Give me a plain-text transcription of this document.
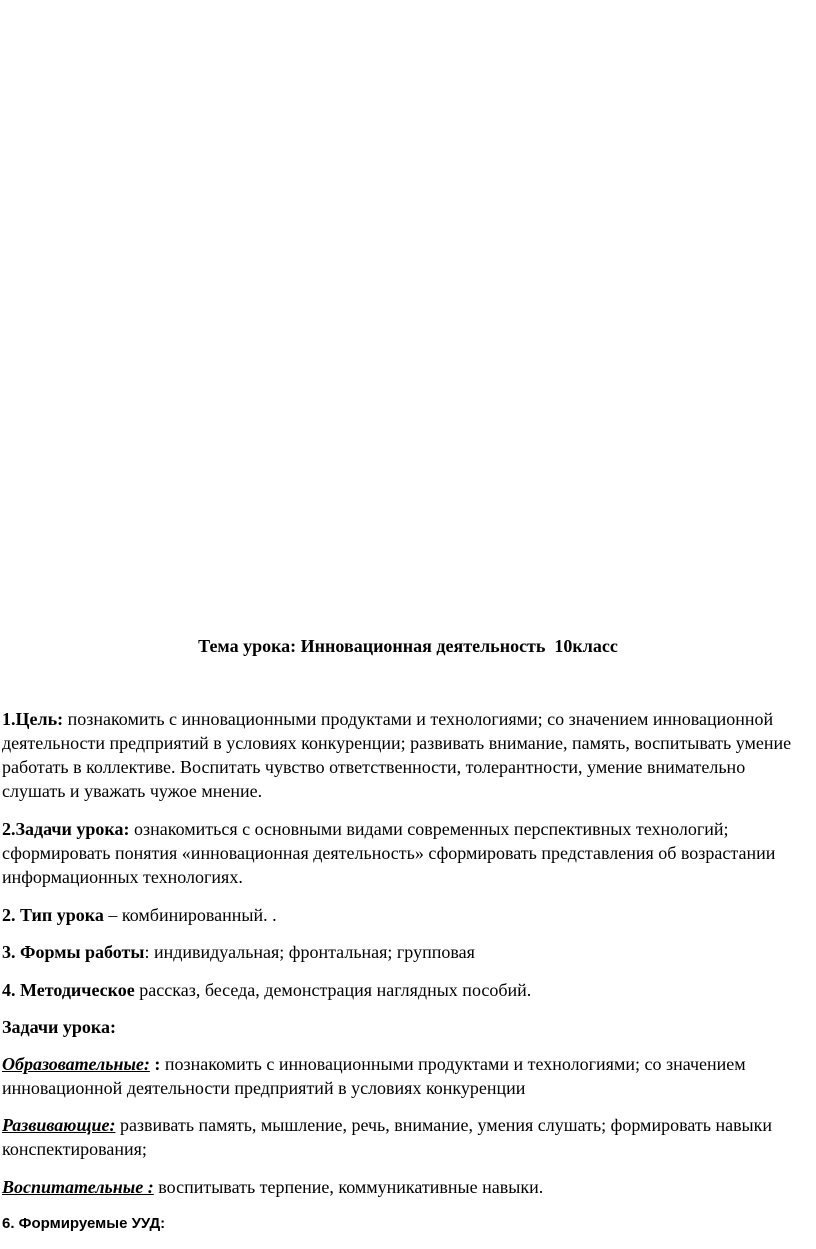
Тема урока: Инновационная деятельность  10класс

1.Цель: познакомить с инновационными продуктами и технологиями; со значением инновационной деятельности предприятий в условиях конкуренции; развивать внимание, память, воспитывать умение работать в коллективе. Воспитать чувство ответственности, толерантности, умение внимательно слушать и уважать чужое мнение.

2.Задачи урока: ознакомиться с основными видами современных перспективных технологий; сформировать понятия «инновационная деятельность» сформировать представления об возрастании информационных технологиях.

2. Тип урока – комбинированный. .

3. Формы работы: индивидуальная; фронтальная; групповая

4. Методическое рассказ, беседа, демонстрация наглядных пособий.

Задачи урока:

Образовательные: : познакомить с инновационными продуктами и технологиями; со значением инновационной деятельности предприятий в условиях конкуренции

Развивающие: развивать память, мышление, речь, внимание, умения слушать; формировать навыки конспектирования;

Воспитательные : воспитывать терпение, коммуникативные навыки.

6. Формируемые УУД:
